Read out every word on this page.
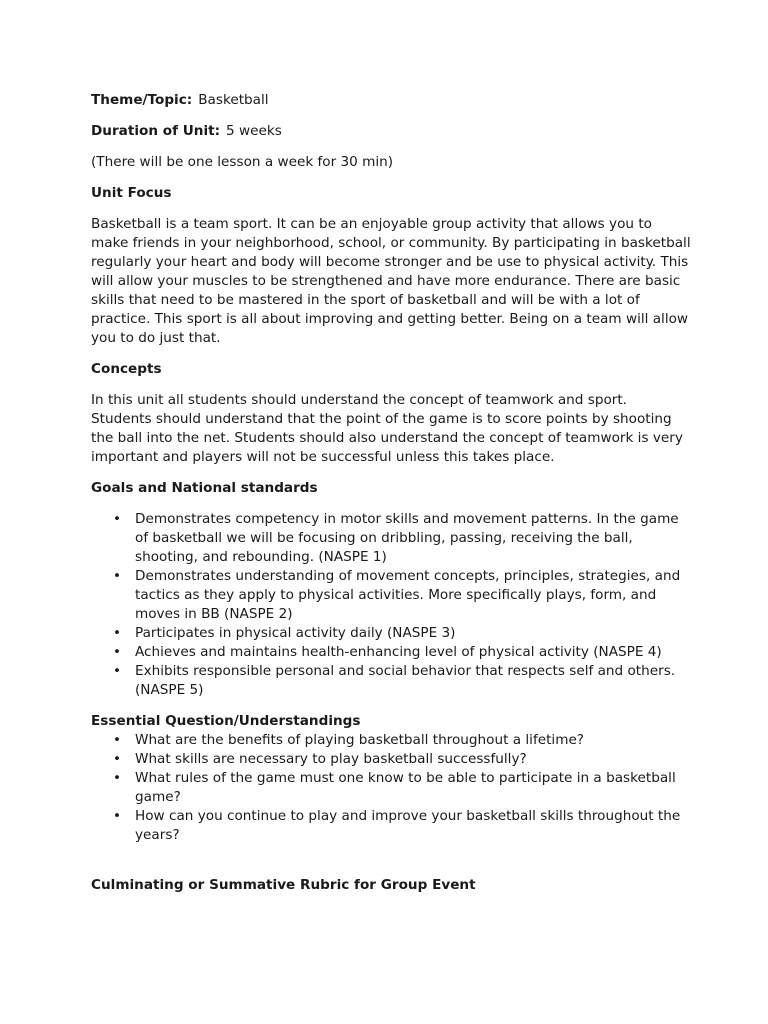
Theme/Topic: Basketball

Duration of Unit: 5 weeks

(There will be one lesson a week for 30 min)

Unit Focus

Basketball is a team sport. It can be an enjoyable group activity that allows you to make friends in your neighborhood, school, or community. By participating in basketball regularly your heart and body will become stronger and be use to physical activity. This will allow your muscles to be strengthened and have more endurance. There are basic skills that need to be mastered in the sport of basketball and will be with a lot of practice. This sport is all about improving and getting better. Being on a team will allow you to do just that.

Concepts

In this unit all students should understand the concept of teamwork and sport. Students should understand that the point of the game is to score points by shooting the ball into the net. Students should also understand the concept of teamwork is very important and players will not be successful unless this takes place.

Goals and National standards

• Demonstrates competency in motor skills and movement patterns. In the game of basketball we will be focusing on dribbling, passing, receiving the ball, shooting, and rebounding. (NASPE 1)
• Demonstrates understanding of movement concepts, principles, strategies, and tactics as they apply to physical activities. More specifically plays, form, and moves in BB (NASPE 2)
• Participates in physical activity daily (NASPE 3)
• Achieves and maintains health-enhancing level of physical activity (NASPE 4)
• Exhibits responsible personal and social behavior that respects self and others. (NASPE 5)

Essential Question/Understandings

• What are the benefits of playing basketball throughout a lifetime?
• What skills are necessary to play basketball successfully?
• What rules of the game must one know to be able to participate in a basketball game?
• How can you continue to play and improve your basketball skills throughout the years?

Culminating or Summative Rubric for Group Event
